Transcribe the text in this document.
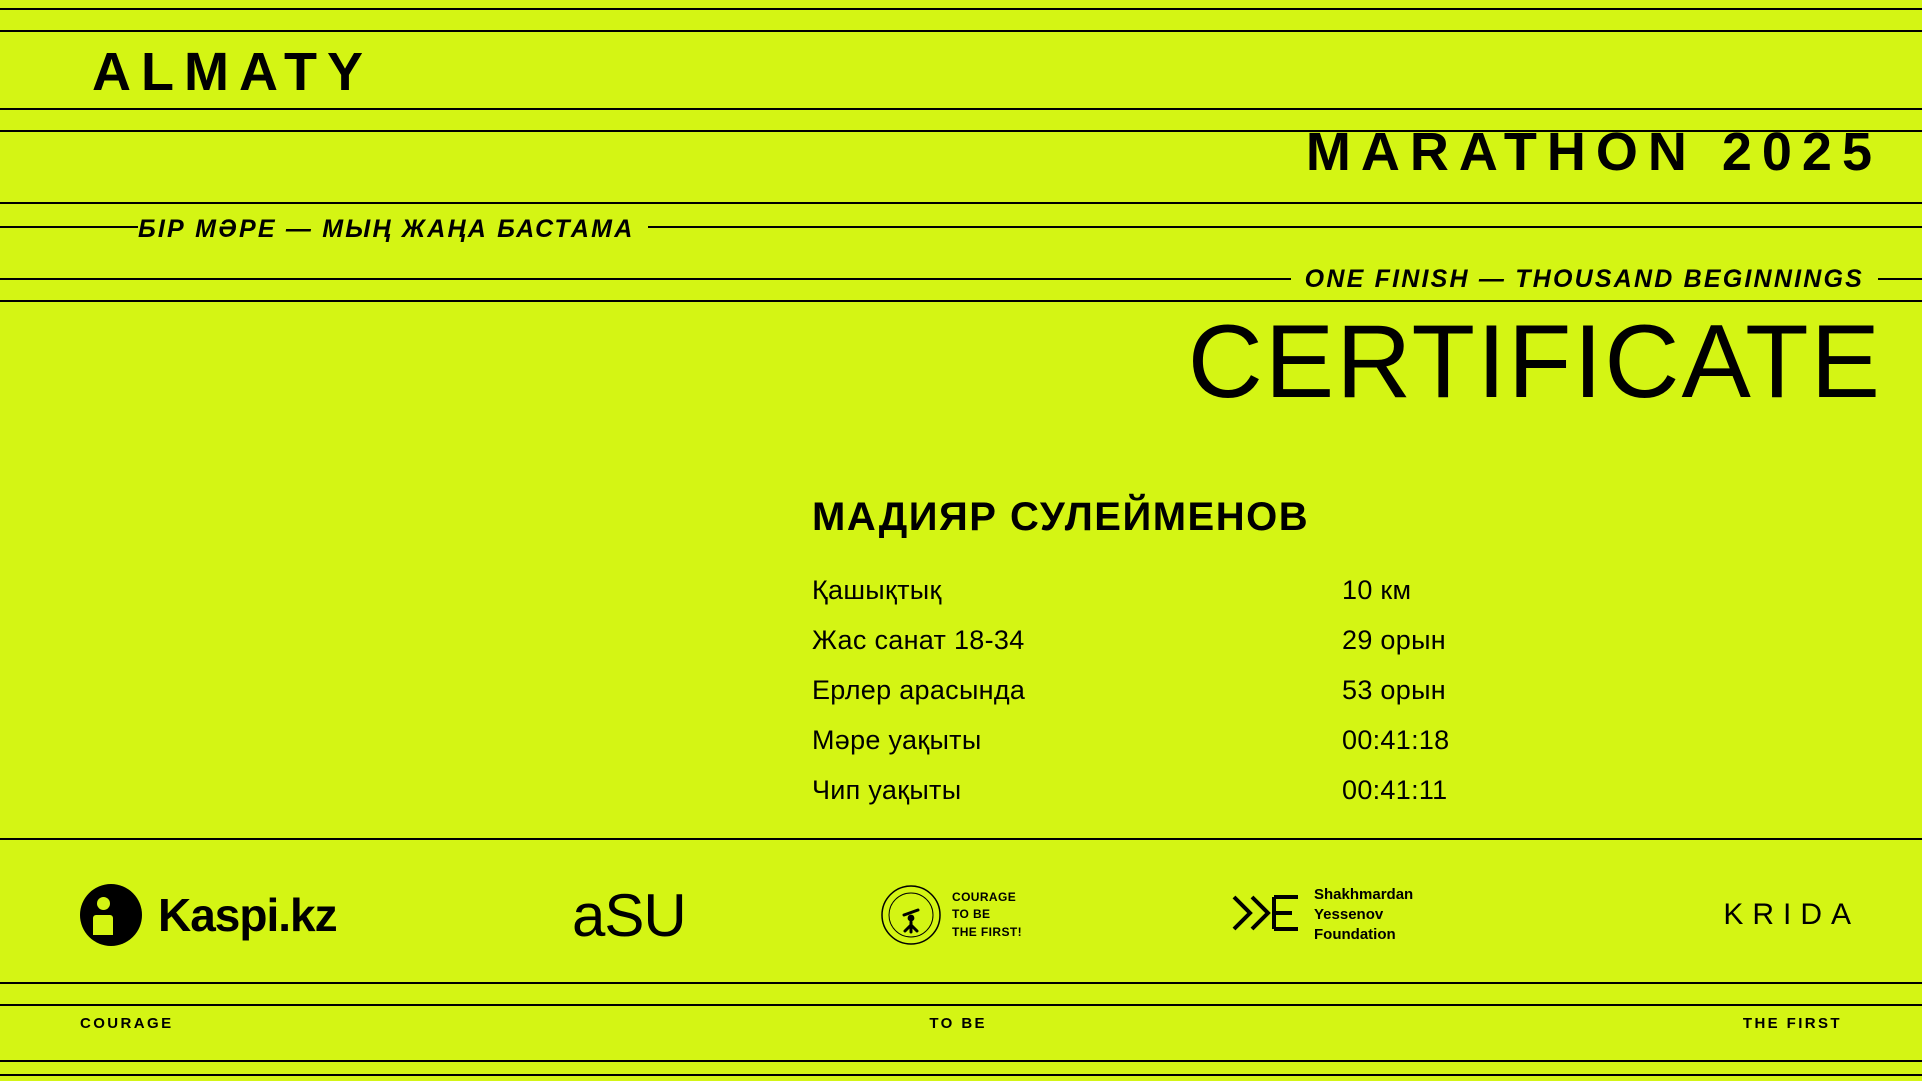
ALMATY
MARATHON 2025
БІР МӘРЕ — МЫҢ ЖАҢА БАСТАМА
ONE FINISH — THOUSAND BEGINNINGS
CERTIFICATE
МАДИЯР СУЛЕЙМЕНОВ
Қашықтық	10 км
Жас санат 18-34	29 орын
Ерлер арасында	53 орын
Мәре уақыты	00:41:18
Чип уақыты	00:41:11
Kaspi.kz	aSU	COURAGE
TO BE
THE FIRST!
Shakhmardan
Yessenov
Foundation
KRIDA
COURAGE	TO BE	THE FIRST
